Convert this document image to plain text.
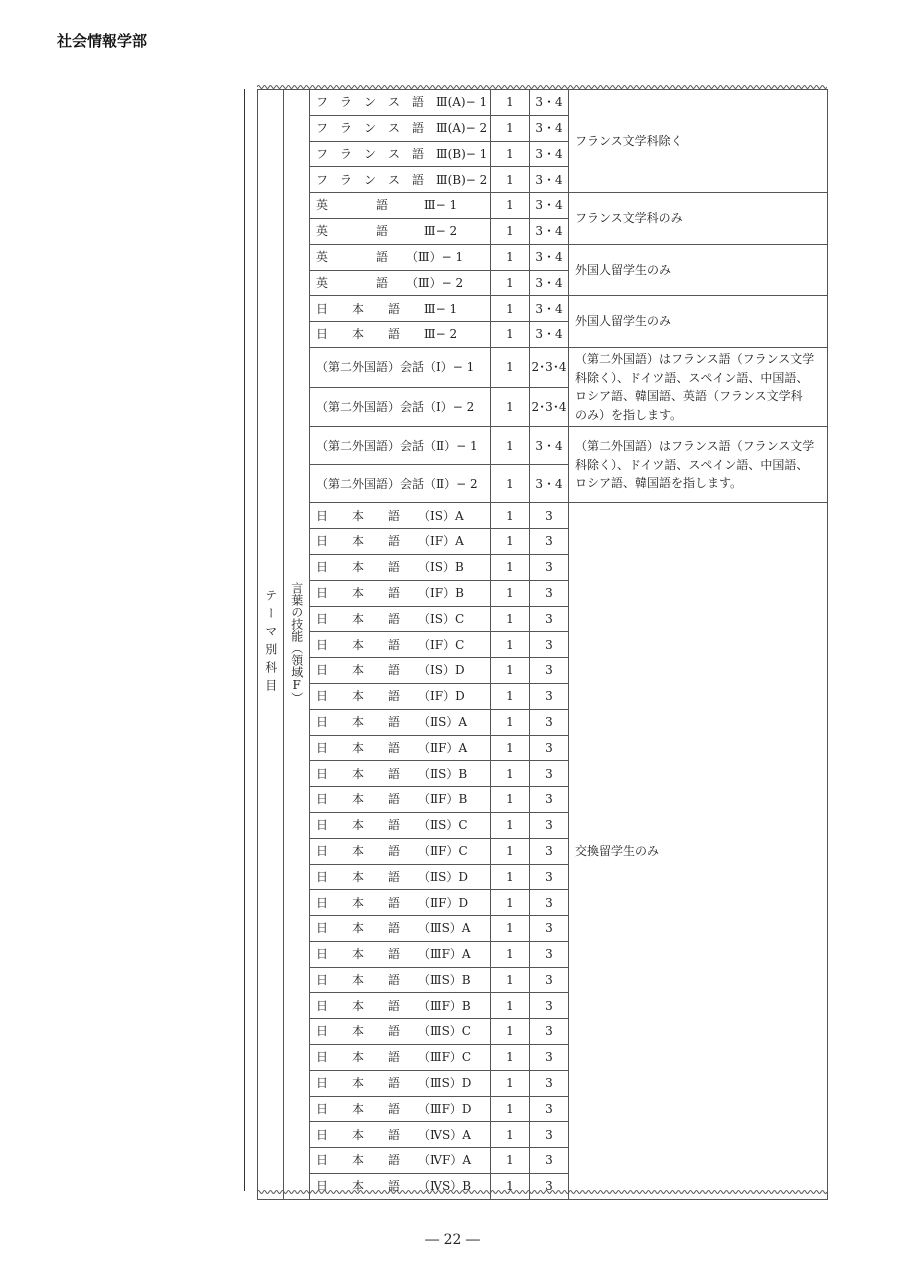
社会情報学部
テーマ別科目	言葉の技能（領域F）	フ　ラ　ン　ス　語　Ⅲ(A)− 1	1	3・4	フランス文学科除く

		フ　ラ　ン　ス　語　Ⅲ(A)− 2	1	3・4	
		フ　ラ　ン　ス　語　Ⅲ(B)− 1	1	3・4	
		フ　ラ　ン　ス　語　Ⅲ(B)− 2	1	3・4	
		英　　　　語　　　Ⅲ− 1	1	3・4	フランス文学科のみ

		英　　　　語　　　Ⅲ− 2	1	3・4	
		英　　　　語　　（Ⅲ）− 1	1	3・4	外国人留学生のみ

		英　　　　語　　（Ⅲ）− 2	1	3・4	
		日　　本　　語　　Ⅲ− 1	1	3・4	外国人留学生のみ

		日　　本　　語　　Ⅲ− 2	1	3・4	
		（第二外国語）会話（Ⅰ）− 1	1	2･3･4	（第二外国語）はフランス語（フランス文学
科除く）、ドイツ語、スペイン語、中国語、
ロシア語、韓国語、英語（フランス文学科
のみ）を指します。

		（第二外国語）会話（Ⅰ）− 2	1	2･3･4	
		（第二外国語）会話（Ⅱ）− 1	1	3・4	（第二外国語）はフランス語（フランス文学
科除く）、ドイツ語、スペイン語、中国語、
ロシア語、韓国語を指します。

		（第二外国語）会話（Ⅱ）− 2	1	3・4	
		日　　本　　語　　（ⅠS）A	1	3	交換留学生のみ

		日　　本　　語　　（ⅠF）A	1	3	
		日　　本　　語　　（ⅠS）B	1	3	
		日　　本　　語　　（ⅠF）B	1	3	
		日　　本　　語　　（ⅠS）C	1	3	
		日　　本　　語　　（ⅠF）C	1	3	
		日　　本　　語　　（ⅠS）D	1	3	
		日　　本　　語　　（ⅠF）D	1	3	
		日　　本　　語　　（ⅡS）A	1	3	
		日　　本　　語　　（ⅡF）A	1	3	
		日　　本　　語　　（ⅡS）B	1	3	
		日　　本　　語　　（ⅡF）B	1	3	
		日　　本　　語　　（ⅡS）C	1	3	
		日　　本　　語　　（ⅡF）C	1	3	
		日　　本　　語　　（ⅡS）D	1	3	
		日　　本　　語　　（ⅡF）D	1	3	
		日　　本　　語　　（ⅢS）A	1	3	
		日　　本　　語　　（ⅢF）A	1	3	
		日　　本　　語　　（ⅢS）B	1	3	
		日　　本　　語　　（ⅢF）B	1	3	
		日　　本　　語　　（ⅢS）C	1	3	
		日　　本　　語　　（ⅢF）C	1	3	
		日　　本　　語　　（ⅢS）D	1	3	
		日　　本　　語　　（ⅢF）D	1	3	
		日　　本　　語　　（ⅣS）A	1	3	
		日　　本　　語　　（ⅣF）A	1	3	
		日　　本　　語　　（ⅣS）B	1	3	
― 22 ―
